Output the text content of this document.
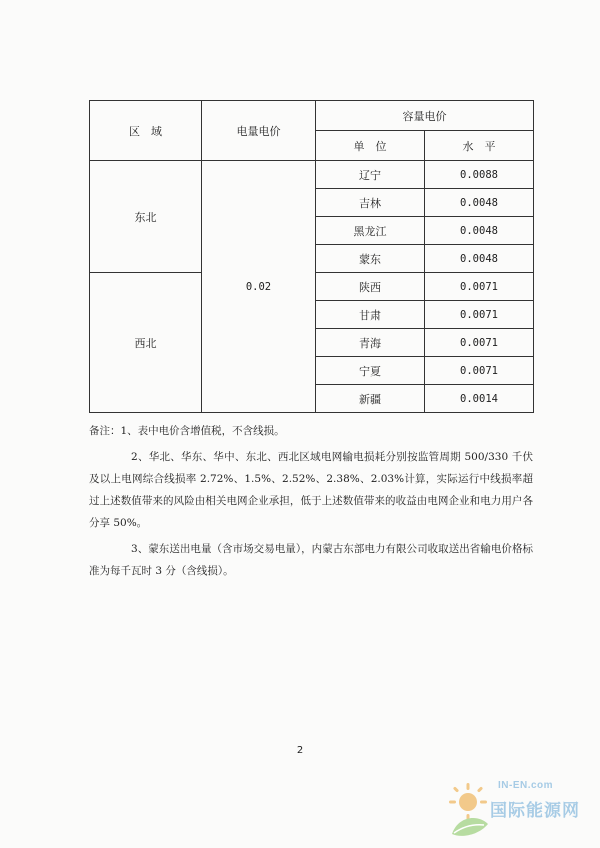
区　域	电量电价	容量电价	
		单　位	水　平
东北	0.02	辽宁	0.0088
		吉林	0.0048
		黑龙江	0.0048
		蒙东	0.0048
西北		陕西	0.0071
		甘肃	0.0071
		青海	0.0071
		宁夏	0.0071
		新疆	0.0014

备注：1、表中电价含增值税，不含线损。

2、华北、华东、华中、东北、西北区域电网输电损耗分别按监管周期 500/330 千伏及以上电网综合线损率 2.72%、1.5%、2.52%、2.38%、2.03%计算，实际运行中线损率超过上述数值带来的风险由相关电网企业承担，低于上述数值带来的收益由电网企业和电力用户各分享 50%。

3、蒙东送出电量（含市场交易电量），内蒙古东部电力有限公司收取送出省输电价格标准为每千瓦时 3 分（含线损）。

2
IN-EN.com
国际能源网
